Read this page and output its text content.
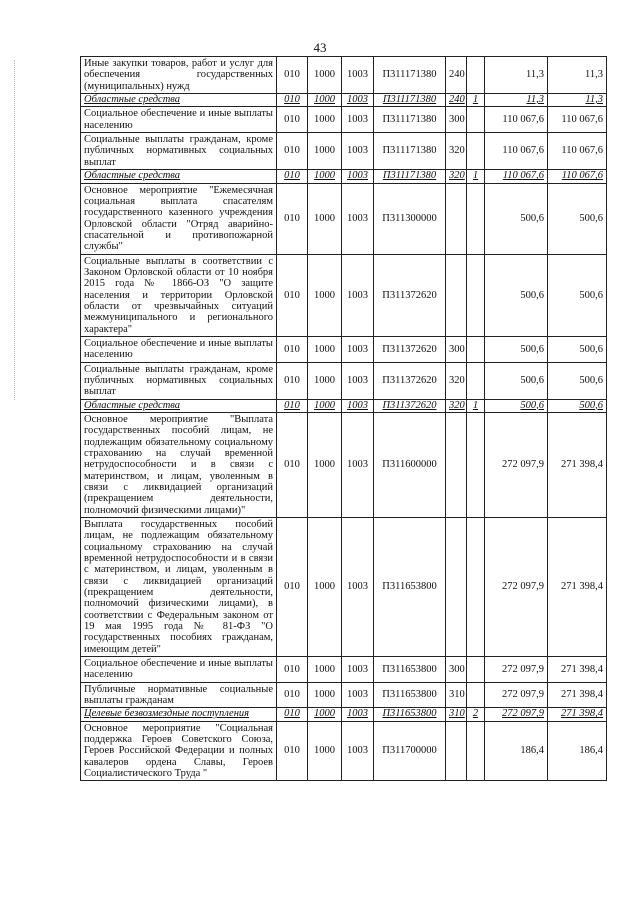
43
Иные закупки товаров, работ и услуг для обеспечения государственных (муниципальных) нужд	010	1000	1003	П311171380	240		11,3	11,3
Областные средства	010	1000	1003	П311171380	240	1	11,3	11,3
Социальное обеспечение и иные выплаты населению	010	1000	1003	П311171380	300		110 067,6	110 067,6
Социальные выплаты гражданам, кроме публичных нормативных социальных выплат	010	1000	1003	П311171380	320		110 067,6	110 067,6
Областные средства	010	1000	1003	П311171380	320	1	110 067,6	110 067,6
Основное мероприятие "Ежемесячная социальная выплата спасателям государственного казенного учреждения Орловской области "Отряд аварийно-спасательной и противопожарной службы"	010	1000	1003	П311300000			500,6	500,6
Социальные выплаты в соответствии с Законом Орловской области от 10 ноября 2015 года № 1866-ОЗ "О защите населения и территории Орловской области от чрезвычайных ситуаций межмуниципального и регионального характера"	010	1000	1003	П311372620			500,6	500,6
Социальное обеспечение и иные выплаты населению	010	1000	1003	П311372620	300		500,6	500,6
Социальные выплаты гражданам, кроме публичных нормативных социальных выплат	010	1000	1003	П311372620	320		500,6	500,6
Областные средства	010	1000	1003	П311372620	320	1	500,6	500,6
Основное мероприятие "Выплата государственных пособий лицам, не подлежащим обязательному социальному страхованию на случай временной нетрудоспособности и в связи с материнством, и лицам, уволенным в связи с ликвидацией организаций (прекращением деятельности, полномочий физическими лицами)"	010	1000	1003	П311600000			272 097,9	271 398,4
Выплата государственных пособий лицам, не подлежащим обязательному социальному страхованию на случай временной нетрудоспособности и в связи с материнством, и лицам, уволенным в связи с ликвидацией организаций (прекращением деятельности, полномочий физическими лицами), в соответствии с Федеральным законом от 19 мая 1995 года № 81-ФЗ "О государственных пособиях гражданам, имеющим детей"	010	1000	1003	П311653800			272 097,9	271 398,4
Социальное обеспечение и иные выплаты населению	010	1000	1003	П311653800	300		272 097,9	271 398,4
Публичные нормативные социальные выплаты гражданам	010	1000	1003	П311653800	310		272 097,9	271 398,4
Целевые безвозмездные поступления	010	1000	1003	П311653800	310	2	272 097,9	271 398,4
Основное мероприятие "Социальная поддержка Героев Советского Союза, Героев Российской Федерации и полных кавалеров ордена Славы, Героев Социалистического Труда "	010	1000	1003	П311700000			186,4	186,4
